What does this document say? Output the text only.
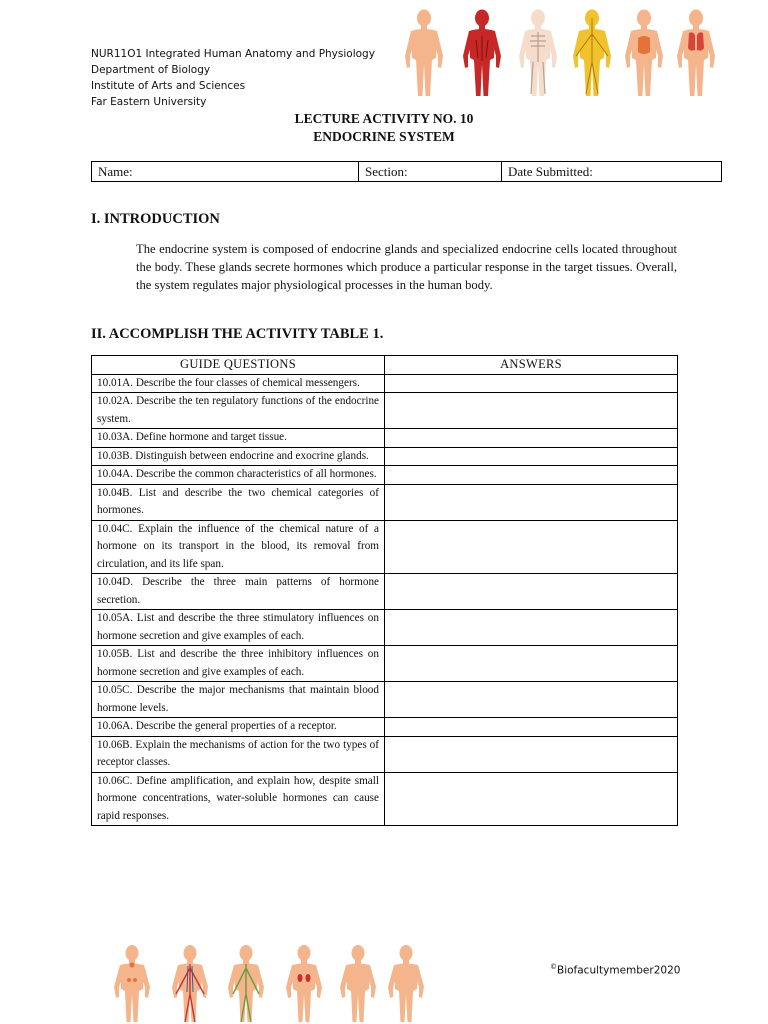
NUR11O1 Integrated Human Anatomy and Physiology
Department of Biology
Institute of Arts and Sciences
Far Eastern University
LECTURE ACTIVITY NO. 10
ENDOCRINE SYSTEM
Name:	Section:	Date Submitted:
I. INTRODUCTION
The endocrine system is composed of endocrine glands and specialized endocrine cells located throughout the body. These glands secrete hormones which produce a particular response in the target tissues. Overall, the system regulates major physiological processes in the human body.
II. ACCOMPLISH THE ACTIVITY TABLE 1.
GUIDE QUESTIONS	ANSWERS
10.01A. Describe the four classes of chemical messengers.	
10.02A. Describe the ten regulatory functions of the endocrine system.	
10.03A. Define hormone and target tissue.	
10.03B. Distinguish between endocrine and exocrine glands.	
10.04A. Describe the common characteristics of all hormones.	
10.04B. List and describe the two chemical categories of hormones.	
10.04C. Explain the influence of the chemical nature of a hormone on its transport in the blood, its removal from circulation, and its life span.	
10.04D. Describe the three main patterns of hormone secretion.	
10.05A. List and describe the three stimulatory influences on hormone secretion and give examples of each.	
10.05B. List and describe the three inhibitory influences on hormone secretion and give examples of each.	
10.05C. Describe the major mechanisms that maintain blood hormone levels.	
10.06A. Describe the general properties of a receptor.	
10.06B. Explain the mechanisms of action for the two types of receptor classes.	
10.06C. Define amplification, and explain how, despite small hormone concentrations, water-soluble hormones can cause rapid responses.	
©Biofacultymember2020
